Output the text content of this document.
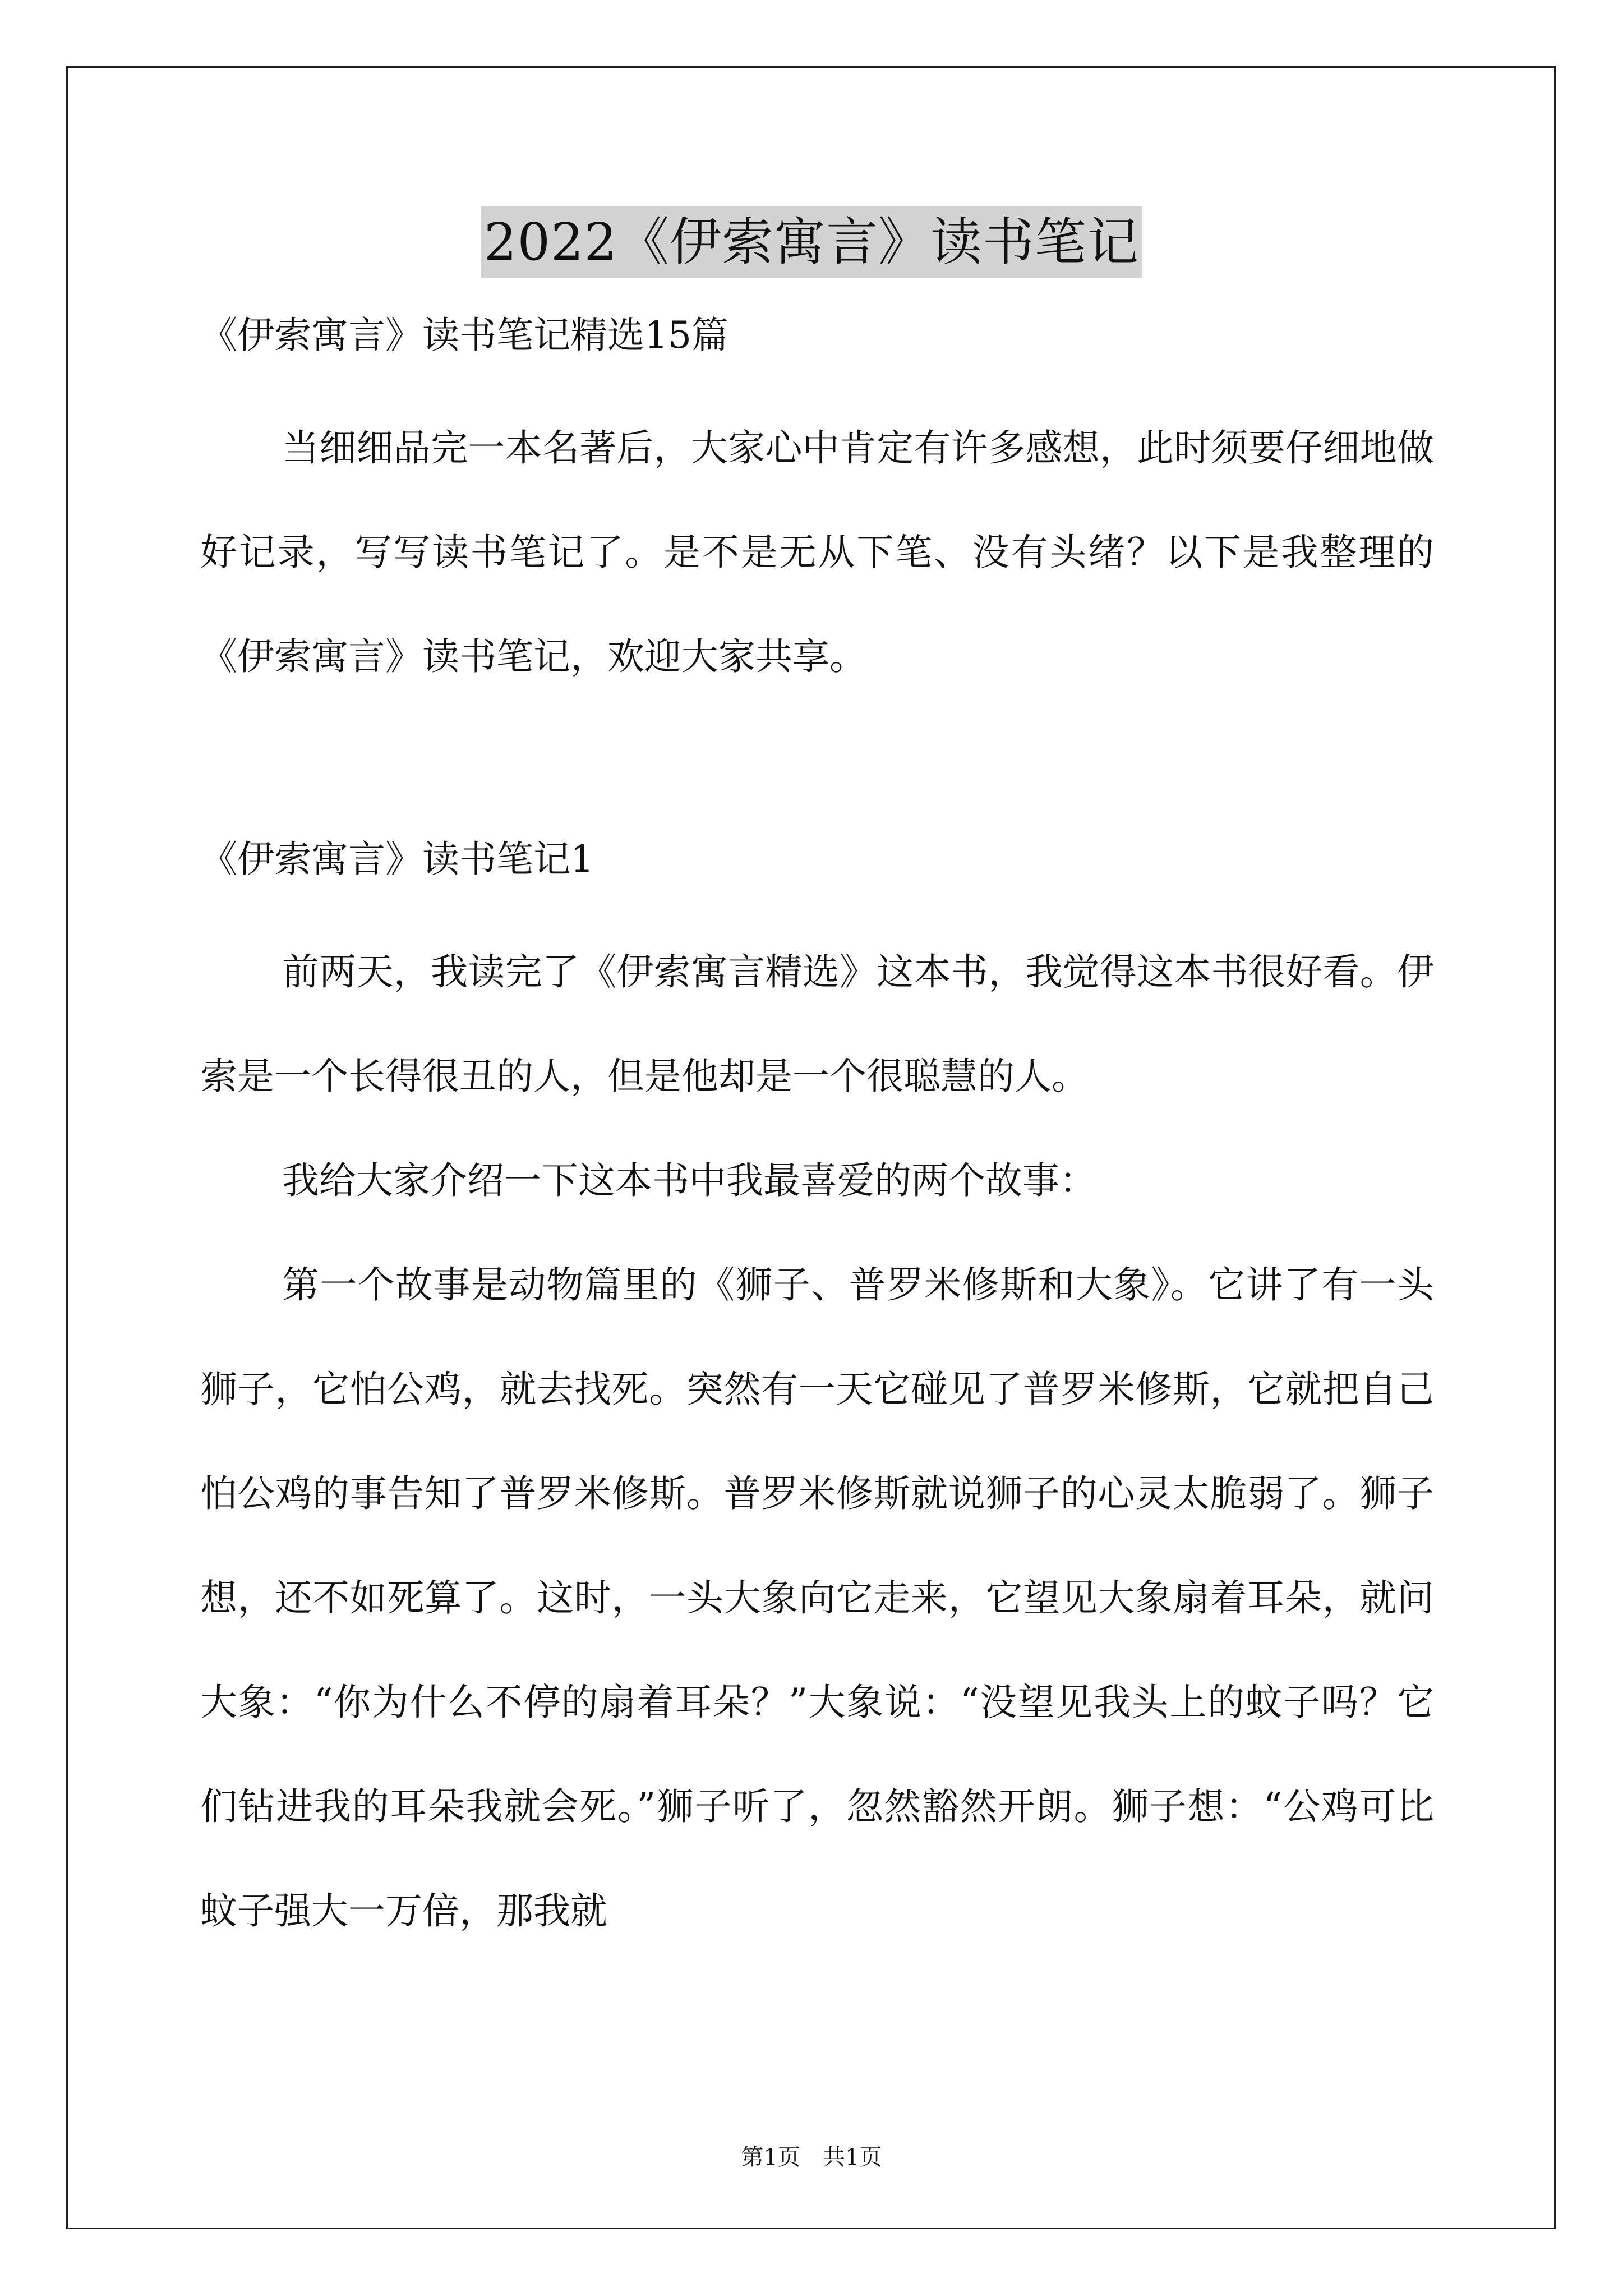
2022《伊索寓言》读书笔记

《伊索寓言》读书笔记精选15篇

当细细品完一本名著后，大家心中肯定有许多感想，此时须要仔细地做好记录，写写读书笔记了。是不是无从下笔、没有头绪？以下是我整理的《伊索寓言》读书笔记，欢迎大家共享。

《伊索寓言》读书笔记1

前两天，我读完了《伊索寓言精选》这本书，我觉得这本书很好看。伊索是一个长得很丑的人，但是他却是一个很聪慧的人。

我给大家介绍一下这本书中我最喜爱的两个故事：

第一个故事是动物篇里的《狮子、普罗米修斯和大象》。它讲了有一头狮子，它怕公鸡，就去找死。突然有一天它碰见了普罗米修斯，它就把自己怕公鸡的事告知了普罗米修斯。普罗米修斯就说狮子的心灵太脆弱了。狮子想，还不如死算了。这时，一头大象向它走来，它望见大象扇着耳朵，就问大象：“你为什么不停的扇着耳朵？”大象说：“没望见我头上的蚊子吗？它们钻进我的耳朵我就会死。”狮子听了，忽然豁然开朗。狮子想：“公鸡可比蚊子强大一万倍，那我就

第1页　共1页
